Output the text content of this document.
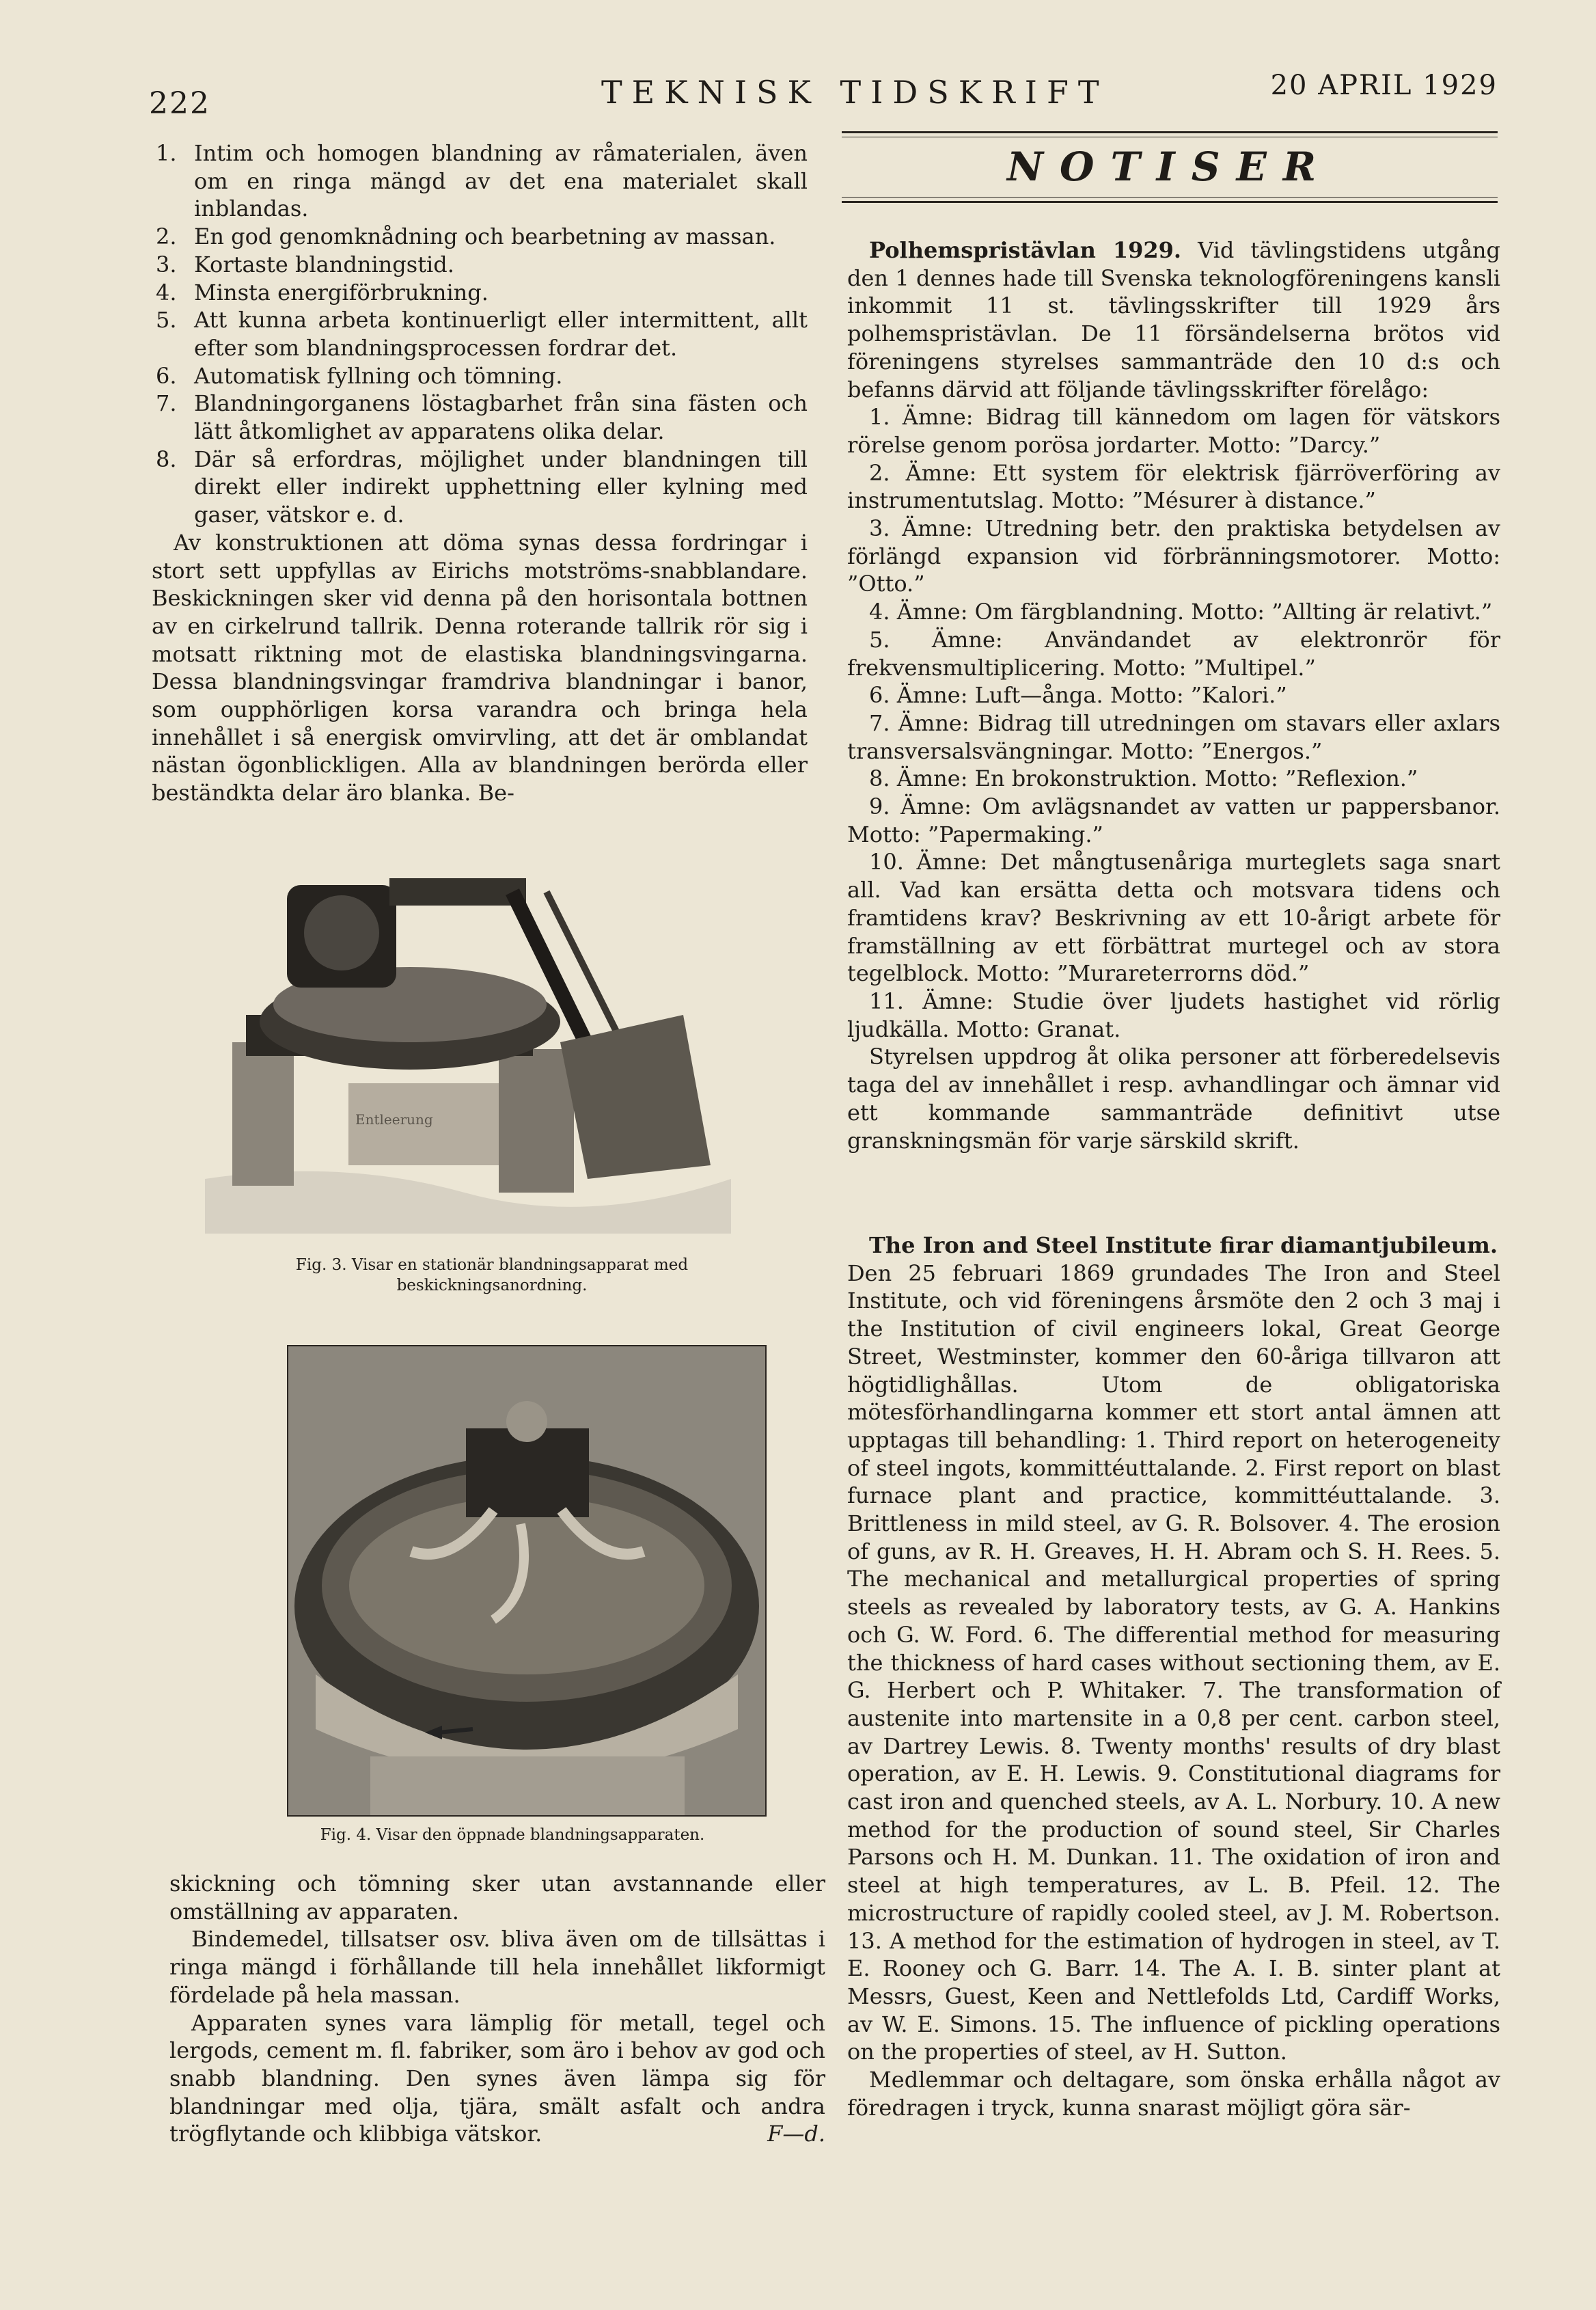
222	TEKNISK TIDSKRIFT	20 APRIL 1929
1. Intim och homogen blandning av råmaterialen, även om en ringa mängd av det ena materialet skall inblandas.
2. En god genomknådning och bearbetning av massan.
3. Kortaste blandningstid.
4. Minsta energiförbrukning.
5. Att kunna arbeta kontinuerligt eller intermittent, allt efter som blandningsprocessen fordrar det.
6. Automatisk fyllning och tömning.
7. Blandningorganens löstagbarhet från sina fästen och lätt åtkomlighet av apparatens olika delar.
8. Där så erfordras, möjlighet under blandningen till direkt eller indirekt upphettning eller kylning med gaser, vätskor e. d.

Av konstruktionen att döma synas dessa fordringar i stort sett uppfyllas av Eirichs motströms-snabblandare. Beskickningen sker vid denna på den horisontala bottnen av en cirkelrund tallrik. Denna roterande tallrik rör sig i motsatt riktning mot de elastiska blandningsvingarna. Dessa blandningsvingar framdriva blandningar i banor, som oupphörligen korsa varandra och bringa hela innehållet i så energisk omvirvling, att det är omblandat nästan ögonblickligen. Alla av blandningen berörda eller beständkta delar äro blanka. Be-

Entleerung
Fig. 3. Visar en stationär blandningsapparat med beskickningsanordning.
Fig. 4. Visar den öppnade blandningsapparaten.

skickning och tömning sker utan avstannande eller omställning av apparaten.

Bindemedel, tillsatser osv. bliva även om de tillsättas i ringa mängd i förhållande till hela innehållet likformigt fördelade på hela massan.

Apparaten synes vara lämplig för metall, tegel och lergods, cement m. fl. fabriker, som äro i behov av god och snabb blandning. Den synes även lämpa sig för blandningar med olja, tjära, smält asfalt och andra trögflytande och klibbiga vätskor.	F—d.

NOTISER

Polhemspristävlan 1929. Vid tävlingstidens utgång den 1 dennes hade till Svenska teknologföreningens kansli inkommit 11 st. tävlingsskrifter till 1929 års polhemspristävlan. De 11 försändelserna brötos vid föreningens styrelses sammanträde den 10 d:s och befanns därvid att följande tävlingsskrifter förelågo:

1. Ämne: Bidrag till kännedom om lagen för vätskors rörelse genom porösa jordarter. Motto: ”Darcy.”

2. Ämne: Ett system för elektrisk fjärröverföring av instrumentutslag. Motto: ”Mésurer à distance.”

3. Ämne: Utredning betr. den praktiska betydelsen av förlängd expansion vid förbränningsmotorer. Motto: ”Otto.”

4. Ämne: Om färgblandning. Motto: ”Allting är relativt.”

5. Ämne: Användandet av elektronrör för frekvensmultiplicering. Motto: ”Multipel.”

6. Ämne: Luft—ånga. Motto: ”Kalori.”

7. Ämne: Bidrag till utredningen om stavars eller axlars transversalsvängningar. Motto: ”Energos.”

8. Ämne: En brokonstruktion. Motto: ”Reflexion.”

9. Ämne: Om avlägsnandet av vatten ur pappersbanor. Motto: ”Papermaking.”

10. Ämne: Det mångtusenåriga murteglets saga snart all. Vad kan ersätta detta och motsvara tidens och framtidens krav? Beskrivning av ett 10-årigt arbete för framställning av ett förbättrat murtegel och av stora tegelblock. Motto: ”Murareterrorns död.”

11. Ämne: Studie över ljudets hastighet vid rörlig ljudkälla. Motto: Granat.

Styrelsen uppdrog åt olika personer att förberedelsevis taga del av innehållet i resp. avhandlingar och ämnar vid ett kommande sammanträde definitivt utse granskningsmän för varje särskild skrift.

The Iron and Steel Institute firar diamantjubileum.

Den 25 februari 1869 grundades The Iron and Steel Institute, och vid föreningens årsmöte den 2 och 3 maj i the Institution of civil engineers lokal, Great George Street, Westminster, kommer den 60-åriga tillvaron att högtidlighållas. Utom de obligatoriska mötesförhandlingarna kommer ett stort antal ämnen att upptagas till behandling: 1. Third report on heterogeneity of steel ingots, kommittéuttalande. 2. First report on blast furnace plant and practice, kommittéuttalande. 3. Brittleness in mild steel, av G. R. Bolsover. 4. The erosion of guns, av R. H. Greaves, H. H. Abram och S. H. Rees. 5. The mechanical and metallurgical properties of spring steels as revealed by laboratory tests, av G. A. Hankins och G. W. Ford. 6. The differential method for measuring the thickness of hard cases without sectioning them, av E. G. Herbert och P. Whitaker. 7. The transformation of austenite into martensite in a 0,8 per cent. carbon steel, av Dartrey Lewis. 8. Twenty months' results of dry blast operation, av E. H. Lewis. 9. Constitutional diagrams for cast iron and quenched steels, av A. L. Norbury. 10. A new method for the production of sound steel, Sir Charles Parsons och H. M. Dunkan. 11. The oxidation of iron and steel at high temperatures, av L. B. Pfeil. 12. The microstructure of rapidly cooled steel, av J. M. Robertson. 13. A method for the estimation of hydrogen in steel, av T. E. Rooney och G. Barr. 14. The A. I. B. sinter plant at Messrs, Guest, Keen and Nettlefolds Ltd, Cardiff Works, av W. E. Simons. 15. The influence of pickling operations on the properties of steel, av H. Sutton.

Medlemmar och deltagare, som önska erhålla något av föredragen i tryck, kunna snarast möjligt göra sär-
